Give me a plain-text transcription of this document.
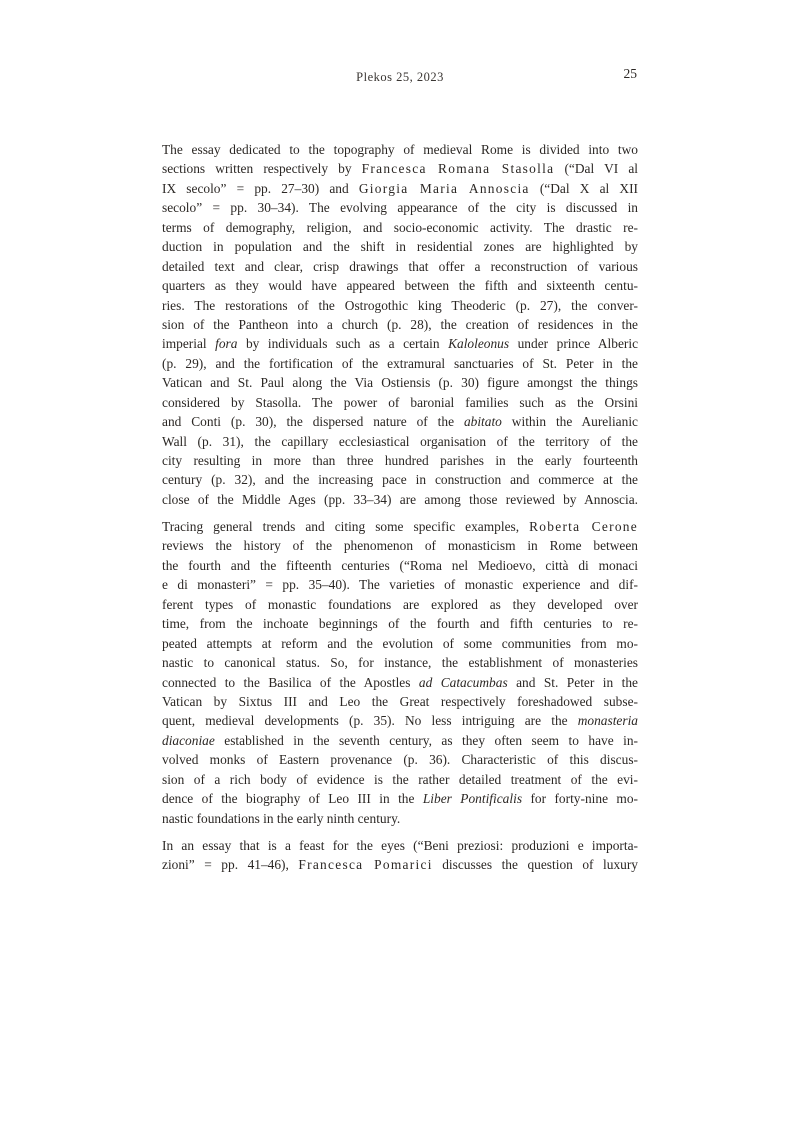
Plekos 25, 2023	25

The essay dedicated to the topography of medieval Rome is divided into two
sections written respectively by Francesca Romana Stasolla (“Dal VI al
IX secolo” = pp. 27–30) and Giorgia Maria Annoscia (“Dal X al XII
secolo” = pp. 30–34). The evolving appearance of the city is discussed in
terms of demography, religion, and socio-economic activity. The drastic re-
duction in population and the shift in residential zones are highlighted by
detailed text and clear, crisp drawings that offer a reconstruction of various
quarters as they would have appeared between the fifth and sixteenth centu-
ries. The restorations of the Ostrogothic king Theoderic (p. 27), the conver-
sion of the Pantheon into a church (p. 28), the creation of residences in the
imperial fora by individuals such as a certain Kaloleonus under prince Alberic
(p. 29), and the fortification of the extramural sanctuaries of St. Peter in the
Vatican and St. Paul along the Via Ostiensis (p. 30) figure amongst the things
considered by Stasolla. The power of baronial families such as the Orsini
and Conti (p. 30), the dispersed nature of the abitato within the Aurelianic
Wall (p. 31), the capillary ecclesiastical organisation of the territory of the
city resulting in more than three hundred parishes in the early fourteenth
century (p. 32), and the increasing pace in construction and commerce at the
close of the Middle Ages (pp. 33–34) are among those reviewed by Annoscia.

Tracing general trends and citing some specific examples, Roberta Cerone
reviews the history of the phenomenon of monasticism in Rome between
the fourth and the fifteenth centuries (“Roma nel Medioevo, città di monaci
e di monasteri” = pp. 35–40). The varieties of monastic experience and dif-
ferent types of monastic foundations are explored as they developed over
time, from the inchoate beginnings of the fourth and fifth centuries to re-
peated attempts at reform and the evolution of some communities from mo-
nastic to canonical status. So, for instance, the establishment of monasteries
connected to the Basilica of the Apostles ad Catacumbas and St. Peter in the
Vatican by Sixtus III and Leo the Great respectively foreshadowed subse-
quent, medieval developments (p. 35). No less intriguing are the monasteria
diaconiae established in the seventh century, as they often seem to have in-
volved monks of Eastern provenance (p. 36). Characteristic of this discus-
sion of a rich body of evidence is the rather detailed treatment of the evi-
dence of the biography of Leo III in the Liber Pontificalis for forty-nine mo-
nastic foundations in the early ninth century.

In an essay that is a feast for the eyes (“Beni preziosi: produzioni e importa-
zioni” = pp. 41–46), Francesca Pomarici discusses the question of luxury
